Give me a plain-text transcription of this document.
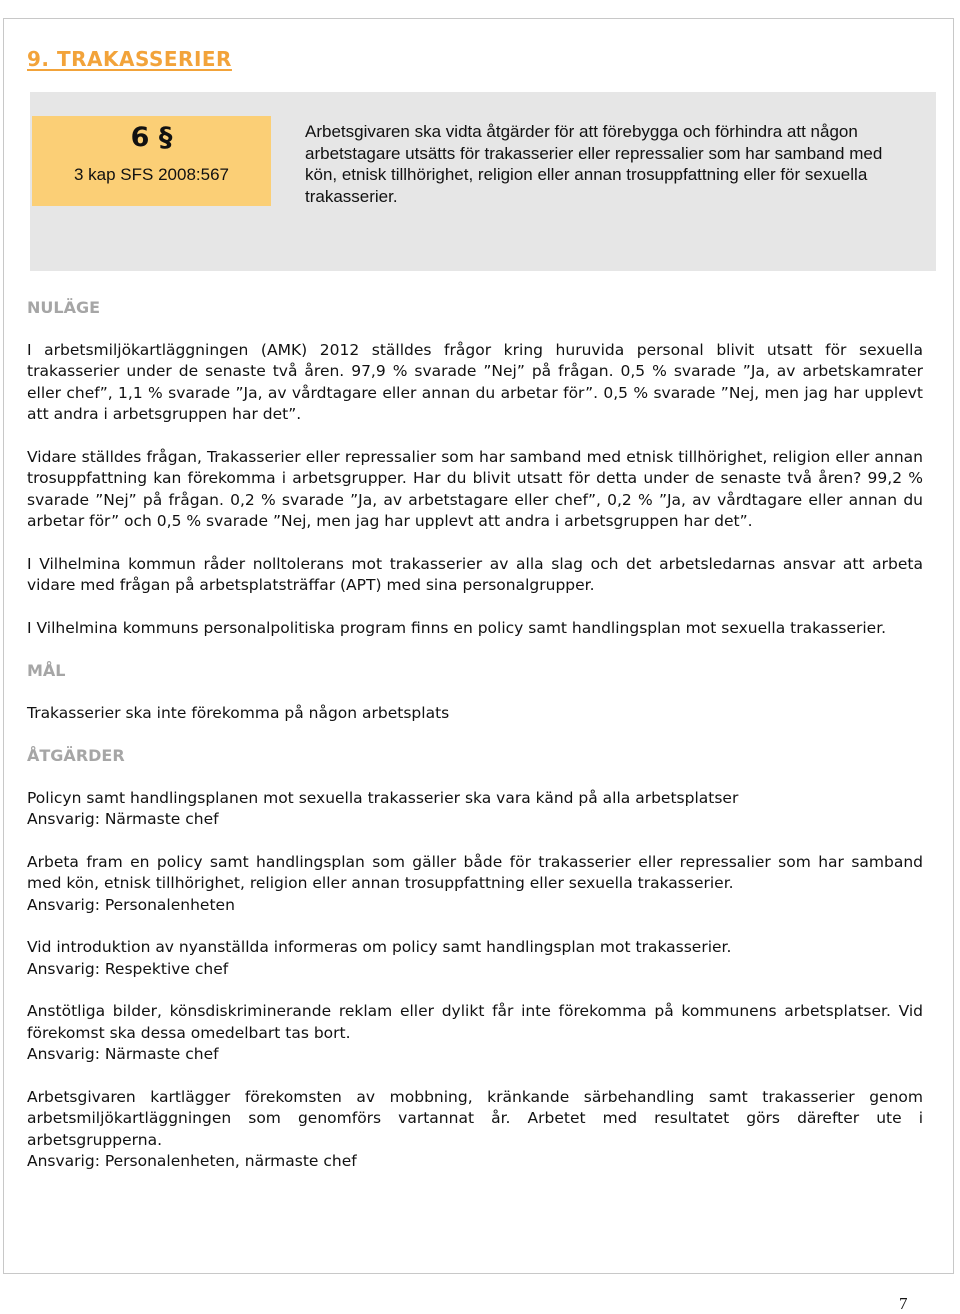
9. TRAKASSERIER
6 §
3 kap SFS 2008:567
Arbetsgivaren ska vidta åtgärder för att förebygga och förhindra att någon arbetstagare utsätts för trakasserier eller repressalier som har samband med kön, etnisk tillhörighet, religion eller annan trosuppfattning eller för sexuella trakasserier.
NULÄGE

I arbetsmiljökartläggningen (AMK) 2012 ställdes frågor kring huruvida personal blivit utsatt för sexuella trakasserier under de senaste två åren. 97,9 % svarade ”Nej” på frågan. 0,5 % svarade ”Ja, av arbetskamrater eller chef”, 1,1 % svarade ”Ja, av vårdtagare eller annan du arbetar för”. 0,5 % svarade ”Nej, men jag har upplevt att andra i arbetsgruppen har det”.

Vidare ställdes frågan, Trakasserier eller repressalier som har samband med etnisk tillhörighet, religion eller annan trosuppfattning kan förekomma i arbetsgrupper. Har du blivit utsatt för detta under de senaste två åren? 99,2 % svarade ”Nej” på frågan. 0,2 % svarade ”Ja, av arbetstagare eller chef”, 0,2 % ”Ja, av vårdtagare eller annan du arbetar för” och 0,5 % svarade ”Nej, men jag har upplevt att andra i arbetsgruppen har det”.

I Vilhelmina kommun råder nolltolerans mot trakasserier av alla slag och det arbetsledarnas ansvar att arbeta vidare med frågan på arbetsplatsträffar (APT) med sina personalgrupper.

I Vilhelmina kommuns personalpolitiska program finns en policy samt handlingsplan mot sexuella trakasserier.

MÅL

Trakasserier ska inte förekomma på någon arbetsplats

ÅTGÄRDER

Policyn samt handlingsplanen mot sexuella trakasserier ska vara känd på alla arbetsplatser

Ansvarig: Närmaste chef

Arbeta fram en policy samt handlingsplan som gäller både för trakasserier eller repressalier som har samband med kön, etnisk tillhörighet, religion eller annan trosuppfattning eller sexuella trakasserier.

Ansvarig: Personalenheten

Vid introduktion av nyanställda informeras om policy samt handlingsplan mot trakasserier.

Ansvarig: Respektive chef

Anstötliga bilder, könsdiskriminerande reklam eller dylikt får inte förekomma på kommunens arbetsplatser. Vid förekomst ska dessa omedelbart tas bort.

Ansvarig: Närmaste chef

Arbetsgivaren kartlägger förekomsten av mobbning, kränkande särbehandling samt trakasserier genom arbetsmiljökartläggningen som genomförs vartannat år. Arbetet med resultatet görs därefter ute i arbetsgrupperna.

Ansvarig: Personalenheten, närmaste chef

7
